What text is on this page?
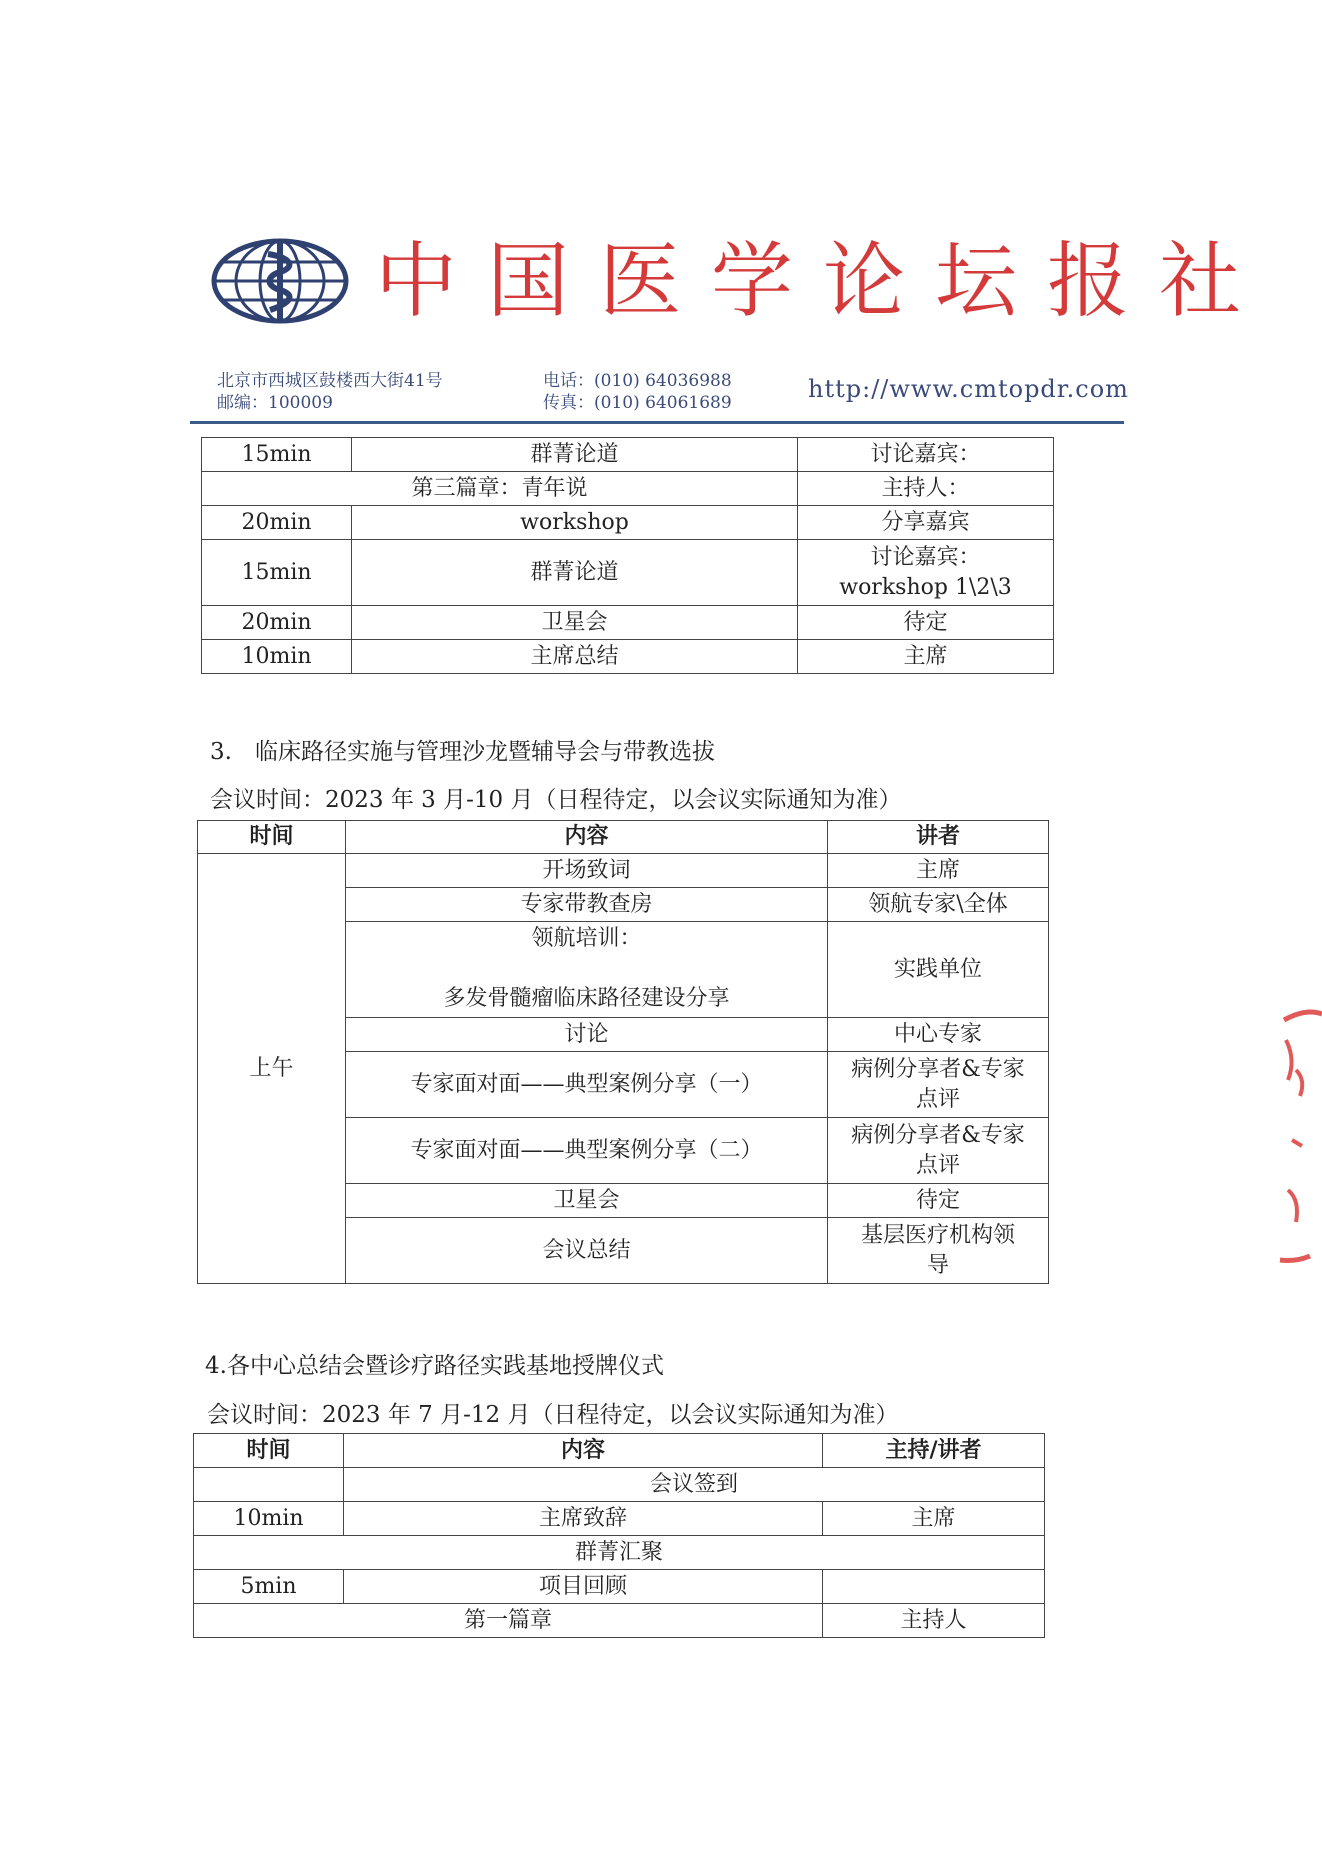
中国医学论坛报社
北京市西城区鼓楼西大街41号
邮编：100009
电话：(010) 64036988
传真：(010) 64061689	http://www.cmtopdr.com
15min	群菁论道	讨论嘉宾：
第三篇章：青年说		主持人：
20min	workshop	分享嘉宾
15min	群菁论道	讨论嘉宾：
workshop 1\2\3

20min	卫星会	待定
10min	主席总结	主席
3.　临床路径实施与管理沙龙暨辅导会与带教选拔
会议时间：2023 年 3 月-10 月（日程待定，以会议实际通知为准）
时间	内容	讲者
上午	开场致词	主席
	专家带教查房	领航专家\全体

	领航培训：
多发骨髓瘤临床路径建设分享	实践单位
	讨论	中心专家
	专家面对面——典型案例分享（一）	病例分享者&专家
点评

	专家面对面——典型案例分享（二）	病例分享者&专家
点评

	卫星会	待定
	会议总结	基层医疗机构领
导
4.各中心总结会暨诊疗路径实践基地授牌仪式
会议时间：2023 年 7 月-12 月（日程待定，以会议实际通知为准）
时间	内容	主持/讲者
	会议签到	
10min	主席致辞	主席
群菁汇聚		
5min	项目回顾	
第一篇章		主持人
